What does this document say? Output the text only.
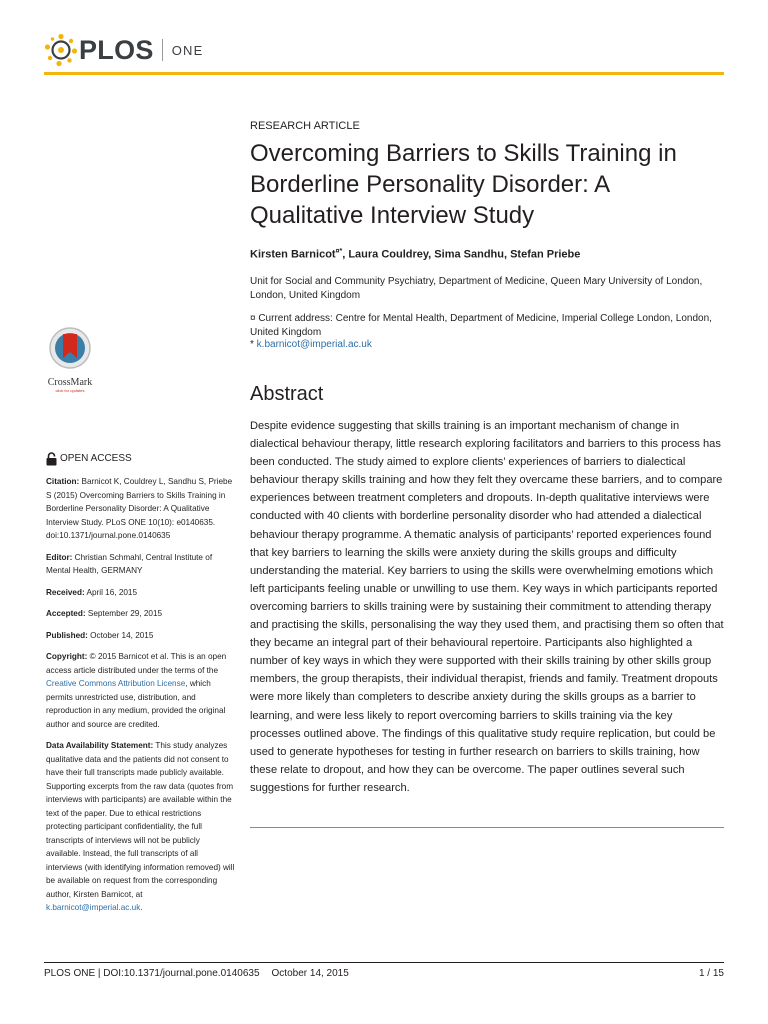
PLOS ONE
RESEARCH ARTICLE
Overcoming Barriers to Skills Training in Borderline Personality Disorder: A Qualitative Interview Study
Kirsten Barnicot¤*, Laura Couldrey, Sima Sandhu, Stefan Priebe
Unit for Social and Community Psychiatry, Department of Medicine, Queen Mary University of London, London, United Kingdom
¤ Current address: Centre for Mental Health, Department of Medicine, Imperial College London, London, United Kingdom
* k.barnicot@imperial.ac.uk
CrossMark
click for updates
OPEN ACCESS
Citation: Barnicot K, Couldrey L, Sandhu S, Priebe S (2015) Overcoming Barriers to Skills Training in Borderline Personality Disorder: A Qualitative Interview Study. PLoS ONE 10(10): e0140635. doi:10.1371/journal.pone.0140635
Editor: Christian Schmahl, Central Institute of Mental Health, GERMANY
Received: April 16, 2015
Accepted: September 29, 2015
Published: October 14, 2015
Copyright: © 2015 Barnicot et al. This is an open access article distributed under the terms of the Creative Commons Attribution License, which permits unrestricted use, distribution, and reproduction in any medium, provided the original author and source are credited.
Data Availability Statement: This study analyzes qualitative data and the patients did not consent to have their full transcripts made publicly available. Supporting excerpts from the raw data (quotes from interviews with participants) are available within the text of the paper. Due to ethical restrictions protecting participant confidentiality, the full transcripts of interviews will not be publicly available. Instead, the full transcripts of all interviews (with identifying information removed) will be available on request from the corresponding author, Kirsten Barnicot, at k.barnicot@imperial.ac.uk.
Abstract
Despite evidence suggesting that skills training is an important mechanism of change in dialectical behaviour therapy, little research exploring facilitators and barriers to this process has been conducted. The study aimed to explore clients’ experiences of barriers to dialectical behaviour therapy skills training and how they felt they overcame these barriers, and to compare experiences between treatment completers and dropouts. In-depth qualitative interviews were conducted with 40 clients with borderline personality disorder who had attended a dialectical behaviour therapy programme. A thematic analysis of participants’ reported experiences found that key barriers to learning the skills were anxiety during the skills groups and difficulty understanding the material. Key barriers to using the skills were overwhelming emotions which left participants feeling unable or unwilling to use them. Key ways in which participants reported overcoming barriers to skills training were by sustaining their commitment to attending therapy and practising the skills, personalising the way they used them, and practising them so often that they became an integral part of their behavioural repertoire. Participants also highlighted a number of key ways in which they were supported with their skills training by other skills group members, the group therapists, their individual therapist, friends and family. Treatment dropouts were more likely than completers to describe anxiety during the skills groups as a barrier to learning, and were less likely to report overcoming barriers to skills training via the key processes outlined above. The findings of this qualitative study require replication, but could be used to generate hypotheses for testing in further research on barriers to skills training, how these relate to dropout, and how they can be overcome. The paper outlines several such suggestions for further research.
PLOS ONE | DOI:10.1371/journal.pone.0140635 October 14, 2015	1 / 15
